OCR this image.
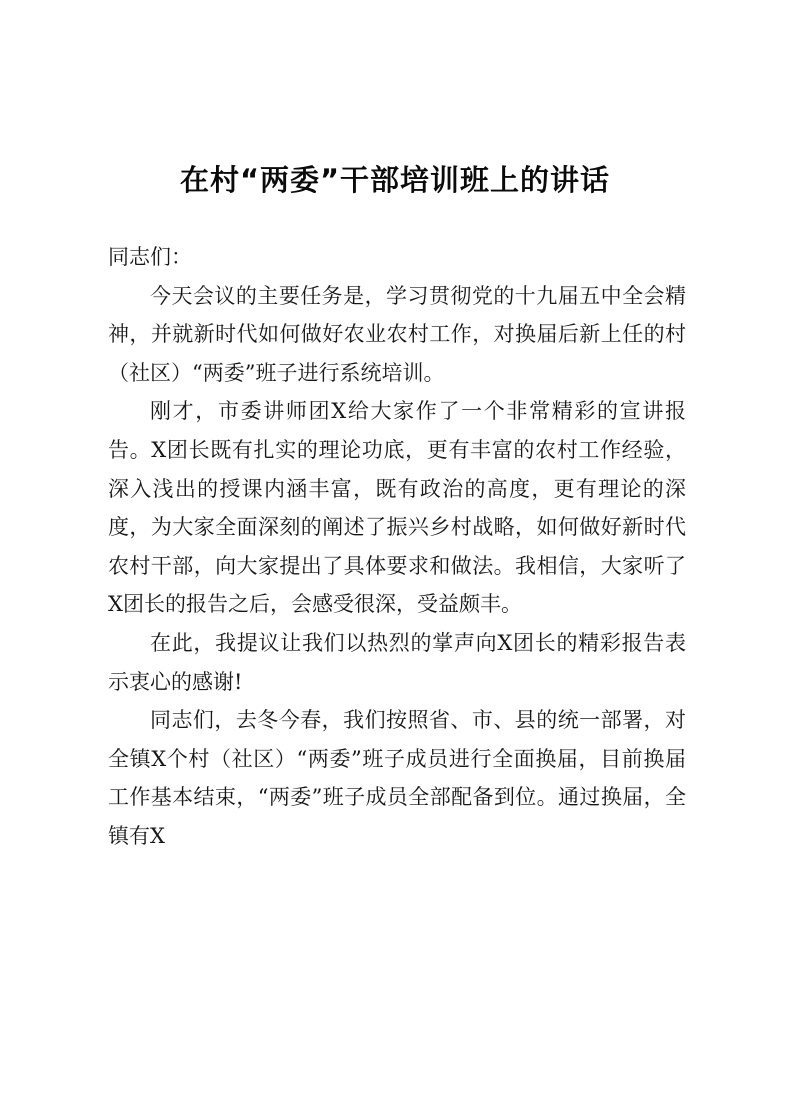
在村“两委”干部培训班上的讲话

同志们：

今天会议的主要任务是，学习贯彻党的十九届五中全会精神，并就新时代如何做好农业农村工作，对换届后新上任的村（社区）“两委”班子进行系统培训。

刚才，市委讲师团X给大家作了一个非常精彩的宣讲报告。X团长既有扎实的理论功底，更有丰富的农村工作经验，深入浅出的授课内涵丰富，既有政治的高度，更有理论的深度，为大家全面深刻的阐述了振兴乡村战略，如何做好新时代农村干部，向大家提出了具体要求和做法。我相信，大家听了X团长的报告之后，会感受很深，受益颇丰。

在此，我提议让我们以热烈的掌声向X团长的精彩报告表示衷心的感谢!

同志们，去冬今春，我们按照省、市、县的统一部署，对全镇X个村（社区）“两委”班子成员进行全面换届，目前换届工作基本结束，“两委”班子成员全部配备到位。通过换届，全镇有X
